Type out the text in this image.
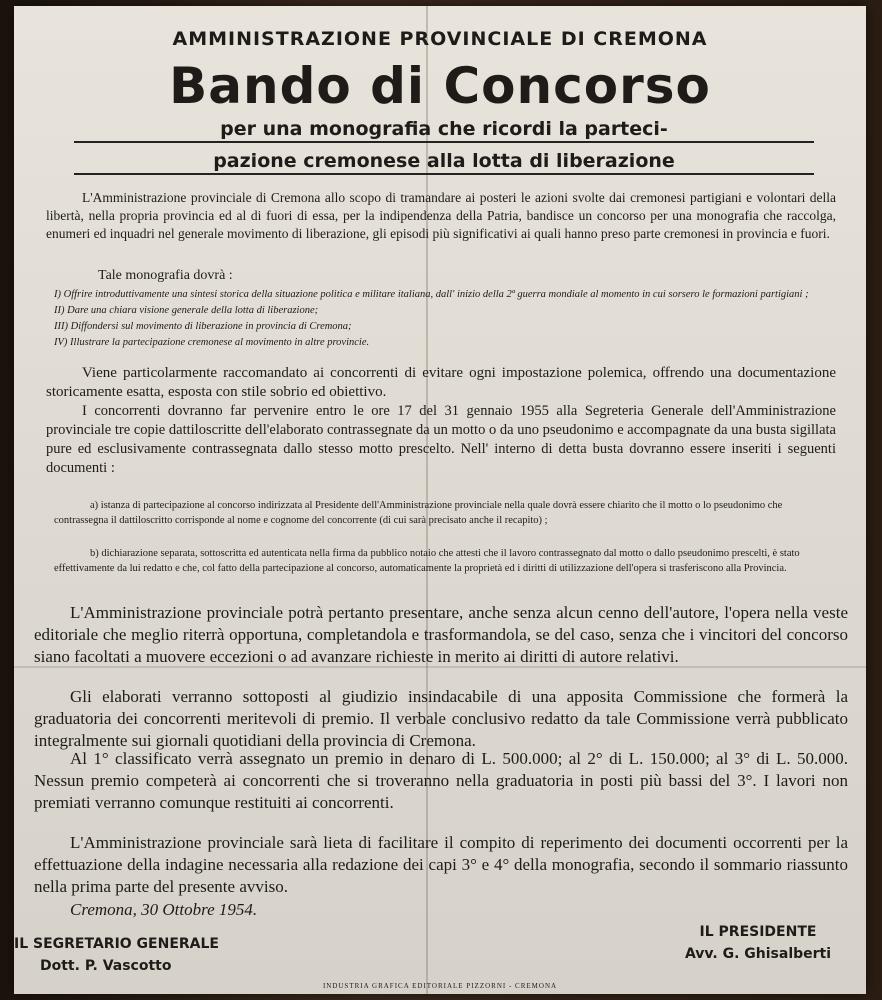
AMMINISTRAZIONE PROVINCIALE DI CREMONA
Bando di Concorso
per una monografia che ricordi la parteci-
pazione cremonese alla lotta di liberazione
L'Amministrazione provinciale di Cremona allo scopo di tramandare ai posteri le azioni svolte dai cremonesi partigiani e volontari della libertà, nella propria provincia ed al di fuori di essa, per la indipendenza della Patria, bandisce un concorso per una monografia che raccolga, enumeri ed inquadri nel generale movimento di liberazione, gli episodi più significativi ai quali hanno preso parte cremonesi in provincia e fuori.
Tale monografia dovrà :
I) Offrire introduttivamente una sintesi storica della situazione politica e militare italiana, dall' inizio della 2ª guerra mondiale al momento in cui sorsero le formazioni partigiani ;
II) Dare una chiara visione generale della lotta di liberazione;
III) Diffondersi sul movimento di liberazione in provincia di Cremona;
IV) Illustrare la partecipazione cremonese al movimento in altre provincie.
Viene particolarmente raccomandato ai concorrenti di evitare ogni impostazione polemica, offrendo una documentazione storicamente esatta, esposta con stile sobrio ed obiettivo.
I concorrenti dovranno far pervenire entro le ore 17 del 31 gennaio 1955 alla Segreteria Generale dell'Amministrazione provinciale tre copie dattiloscritte dell'elaborato contrassegnate da un motto o da uno pseudonimo e accompagnate da una busta sigillata pure ed esclusivamente contrassegnata dallo stesso motto prescelto. Nell' interno di detta busta dovranno essere inseriti i seguenti documenti :
a) istanza di partecipazione al concorso indirizzata al Presidente dell'Amministrazione provinciale nella quale dovrà essere chiarito che il motto o lo pseudonimo che contrassegna il dattiloscritto corrisponde al nome e cognome del concorrente (di cui sarà precisato anche il recapito) ;
b) dichiarazione separata, sottoscritta ed autenticata nella firma da pubblico notaio che attesti che il lavoro contrassegnato dal motto o dallo pseudonimo prescelti, è stato effettivamente da lui redatto e che, col fatto della partecipazione al concorso, automaticamente la proprietà ed i diritti di utilizzazione dell'opera si trasferiscono alla Provincia.
L'Amministrazione provinciale potrà pertanto presentare, anche senza alcun cenno dell'autore, l'opera nella veste editoriale che meglio riterrà opportuna, completandola e trasformandola, se del caso, senza che i vincitori del concorso siano facoltati a muovere eccezioni o ad avanzare richieste in merito ai diritti di autore relativi.
Gli elaborati verranno sottoposti al giudizio insindacabile di una apposita Commissione che formerà la graduatoria dei concorrenti meritevoli di premio. Il verbale conclusivo redatto da tale Commissione verrà pubblicato integralmente sui giornali quotidiani della provincia di Cremona.
Al 1° classificato verrà assegnato un premio in denaro di L. 500.000; al 2° di L. 150.000; al 3° di L. 50.000. Nessun premio competerà ai concorrenti che si troveranno nella graduatoria in posti più bassi del 3°. I lavori non premiati verranno comunque restituiti ai concorrenti.
L'Amministrazione provinciale sarà lieta di facilitare il compito di reperimento dei documenti occorrenti per la effettuazione della indagine necessaria alla redazione dei capi 3° e 4° della monografia, secondo il sommario riassunto nella prima parte del presente avviso.
Cremona, 30 Ottobre 1954.
IL SEGRETARIO GENERALE
Dott. P. Vascotto
IL PRESIDENTE
Avv. G. Ghisalberti
INDUSTRIA GRAFICA EDITORIALE PIZZORNI - CREMONA
